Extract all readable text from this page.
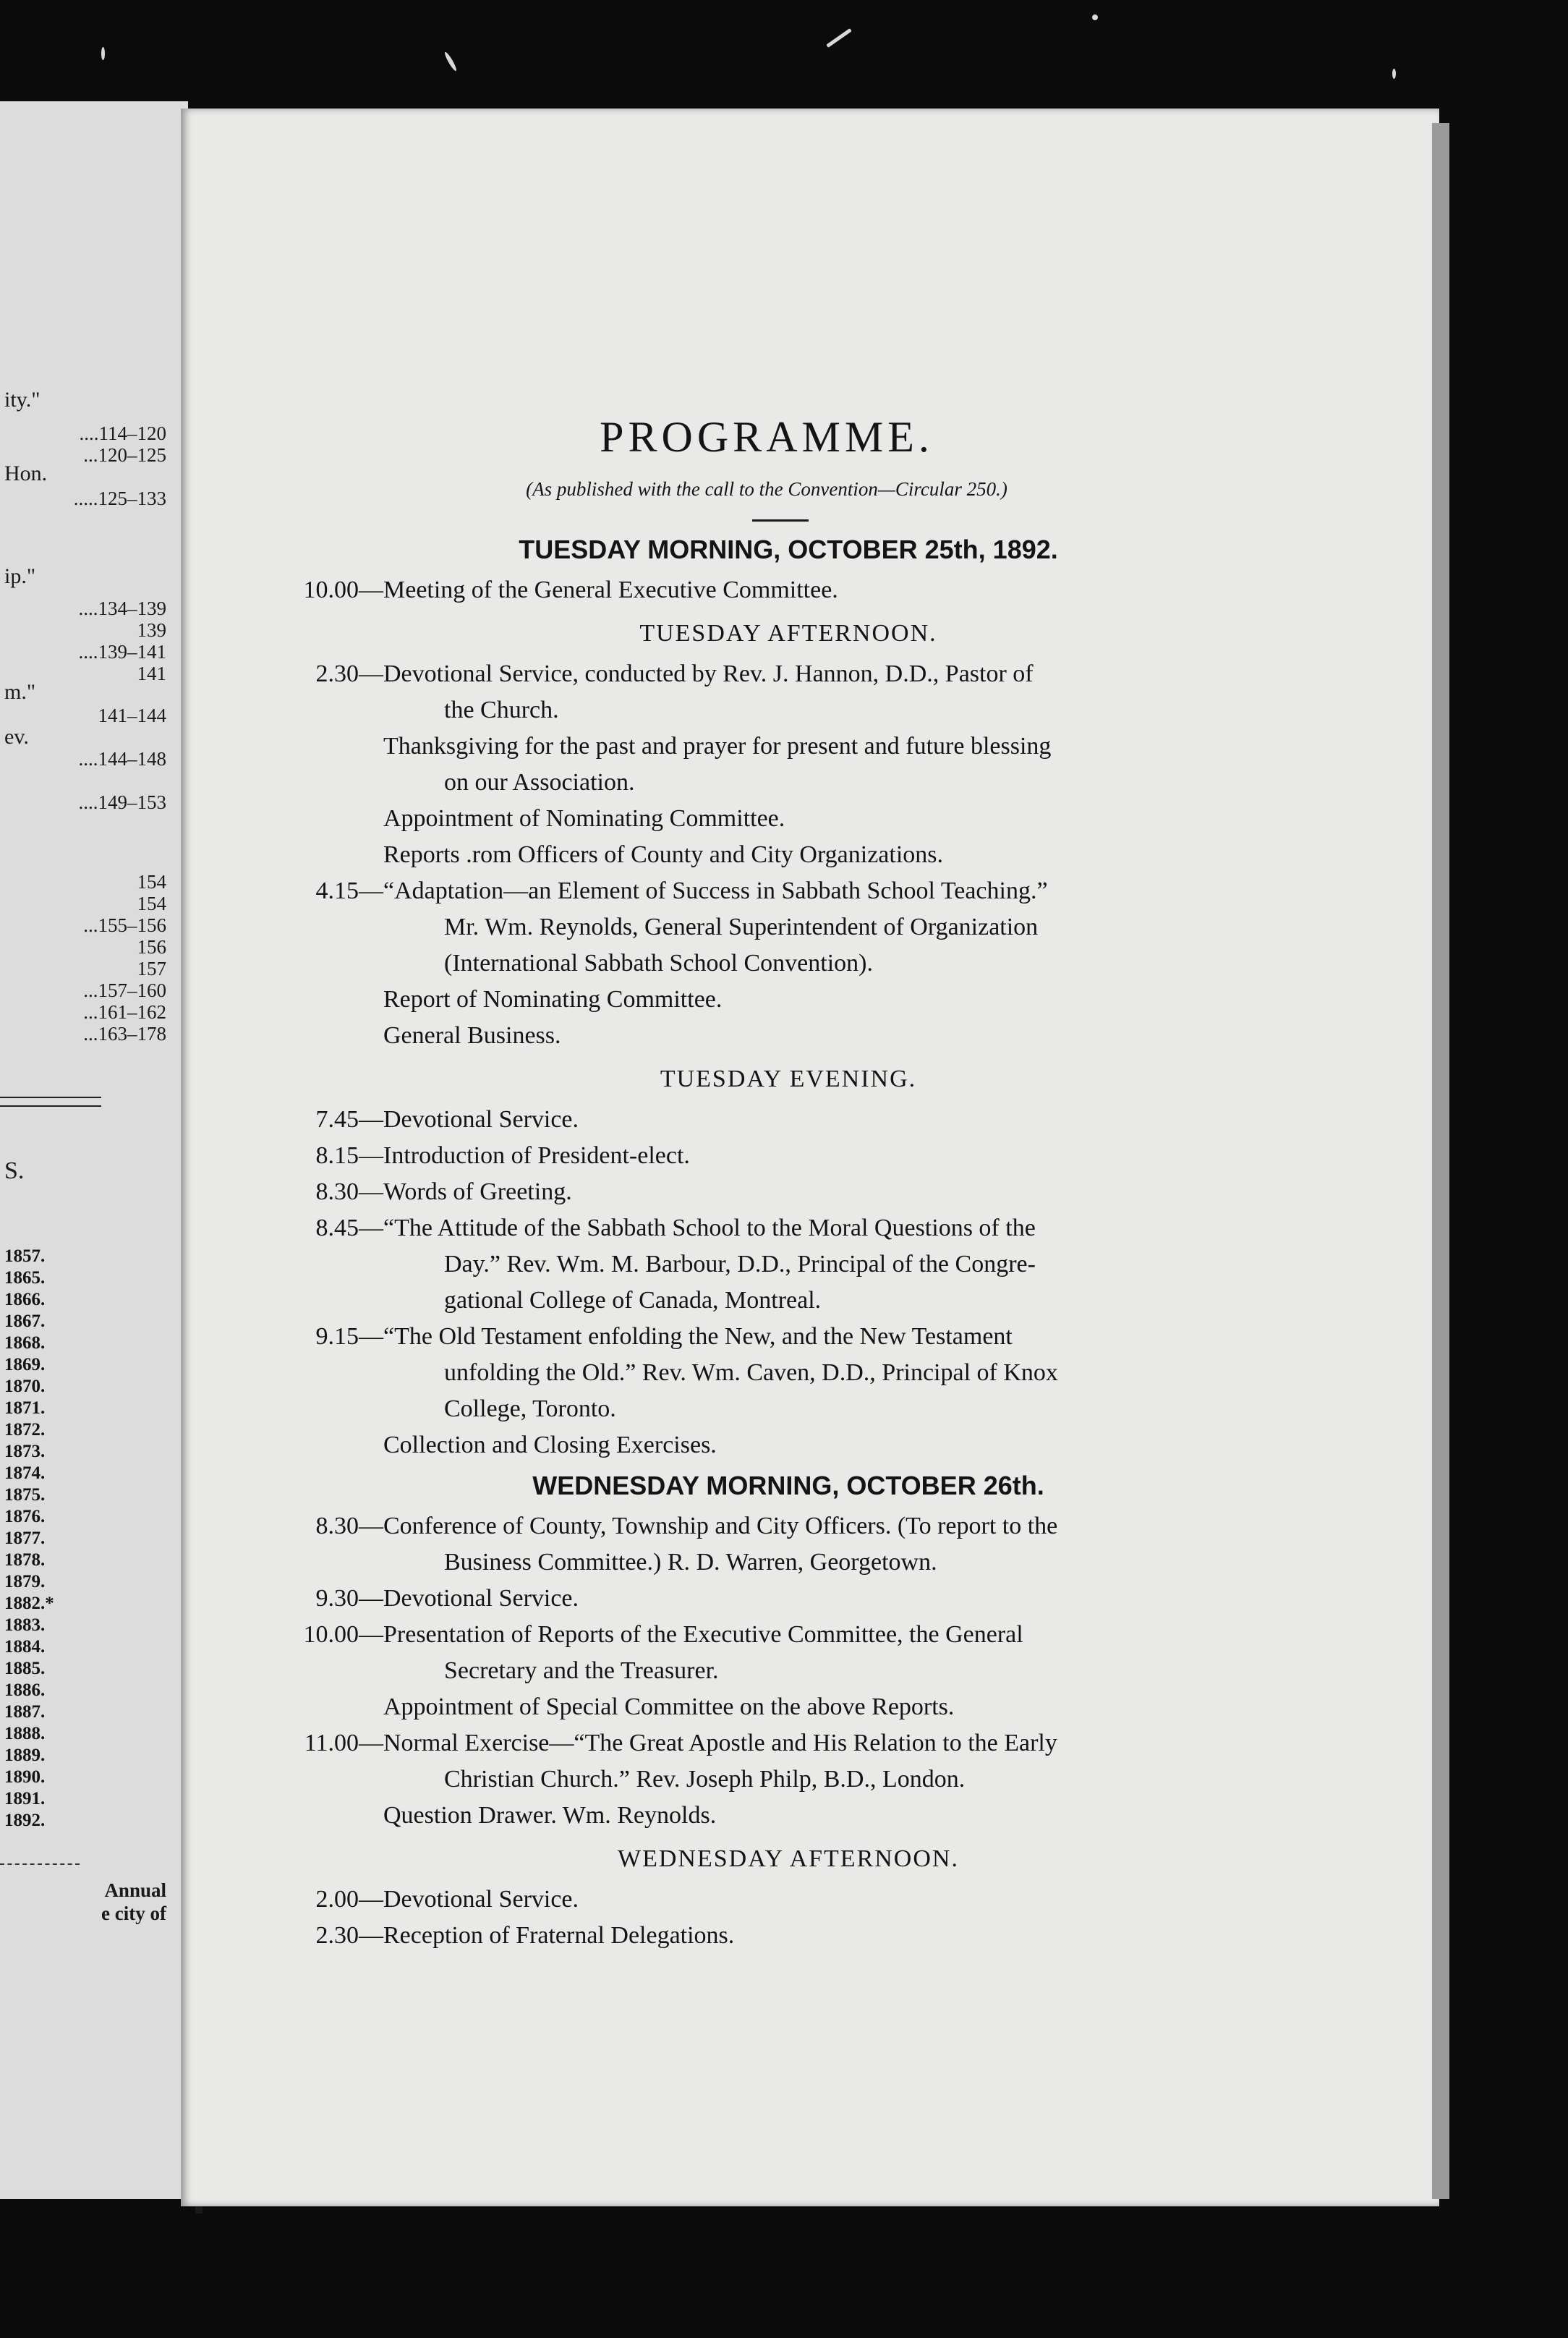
ity."
....114–120
...120–125
Hon.
.....125–133
ip."
....134–139
139
....139–141
141
m."
141–144
ev.
....144–148
....149–153
154
154
...155–156
156
157
...157–160
...161–162
...163–178
S.
1857.
1865.
1866.
1867.
1868.
1869.
1870.
1871.
1872.
1873.
1874.
1875.
1876.
1877.
1878.
1879.
1882.*
1883.
1884.
1885.
1886.
1887.
1888.
1889.
1890.
1891.
1892.
Annual
e city of
PROGRAMME.
(As published with the call to the Convention—Circular 250.)
TUESDAY MORNING, OCTOBER 25th, 1892.
10.00— Meeting of the General Executive Committee.
TUESDAY AFTERNOON.
2.30— Devotional Service, conducted by Rev. J. Hannon, D.D., Pastor of
the Church.
Thanksgiving for the past and prayer for present and future blessing
on our Association.
Appointment of Nominating Committee.
Reports .rom Officers of County and City Organizations.
4.15— “Adaptation—an Element of Success in Sabbath School Teaching.”
Mr. Wm. Reynolds, General Superintendent of Organization
(International Sabbath School Convention).
Report of Nominating Committee.
General Business.
TUESDAY EVENING.
7.45— Devotional Service.
8.15— Introduction of President-elect.
8.30— Words of Greeting.
8.45— “The Attitude of the Sabbath School to the Moral Questions of the
Day.” Rev. Wm. M. Barbour, D.D., Principal of the Congre-
gational College of Canada, Montreal.
9.15— “The Old Testament enfolding the New, and the New Testament
unfolding the Old.” Rev. Wm. Caven, D.D., Principal of Knox
College, Toronto.
Collection and Closing Exercises.
WEDNESDAY MORNING, OCTOBER 26th.
8.30— Conference of County, Township and City Officers. (To report to the
Business Committee.) R. D. Warren, Georgetown.
9.30— Devotional Service.
10.00— Presentation of Reports of the Executive Committee, the General
Secretary and the Treasurer.
Appointment of Special Committee on the above Reports.
11.00— Normal Exercise—“The Great Apostle and His Relation to the Early
Christian Church.” Rev. Joseph Philp, B.D., London.
Question Drawer. Wm. Reynolds.
WEDNESDAY AFTERNOON.
2.00— Devotional Service.
2.30— Reception of Fraternal Delegations.
